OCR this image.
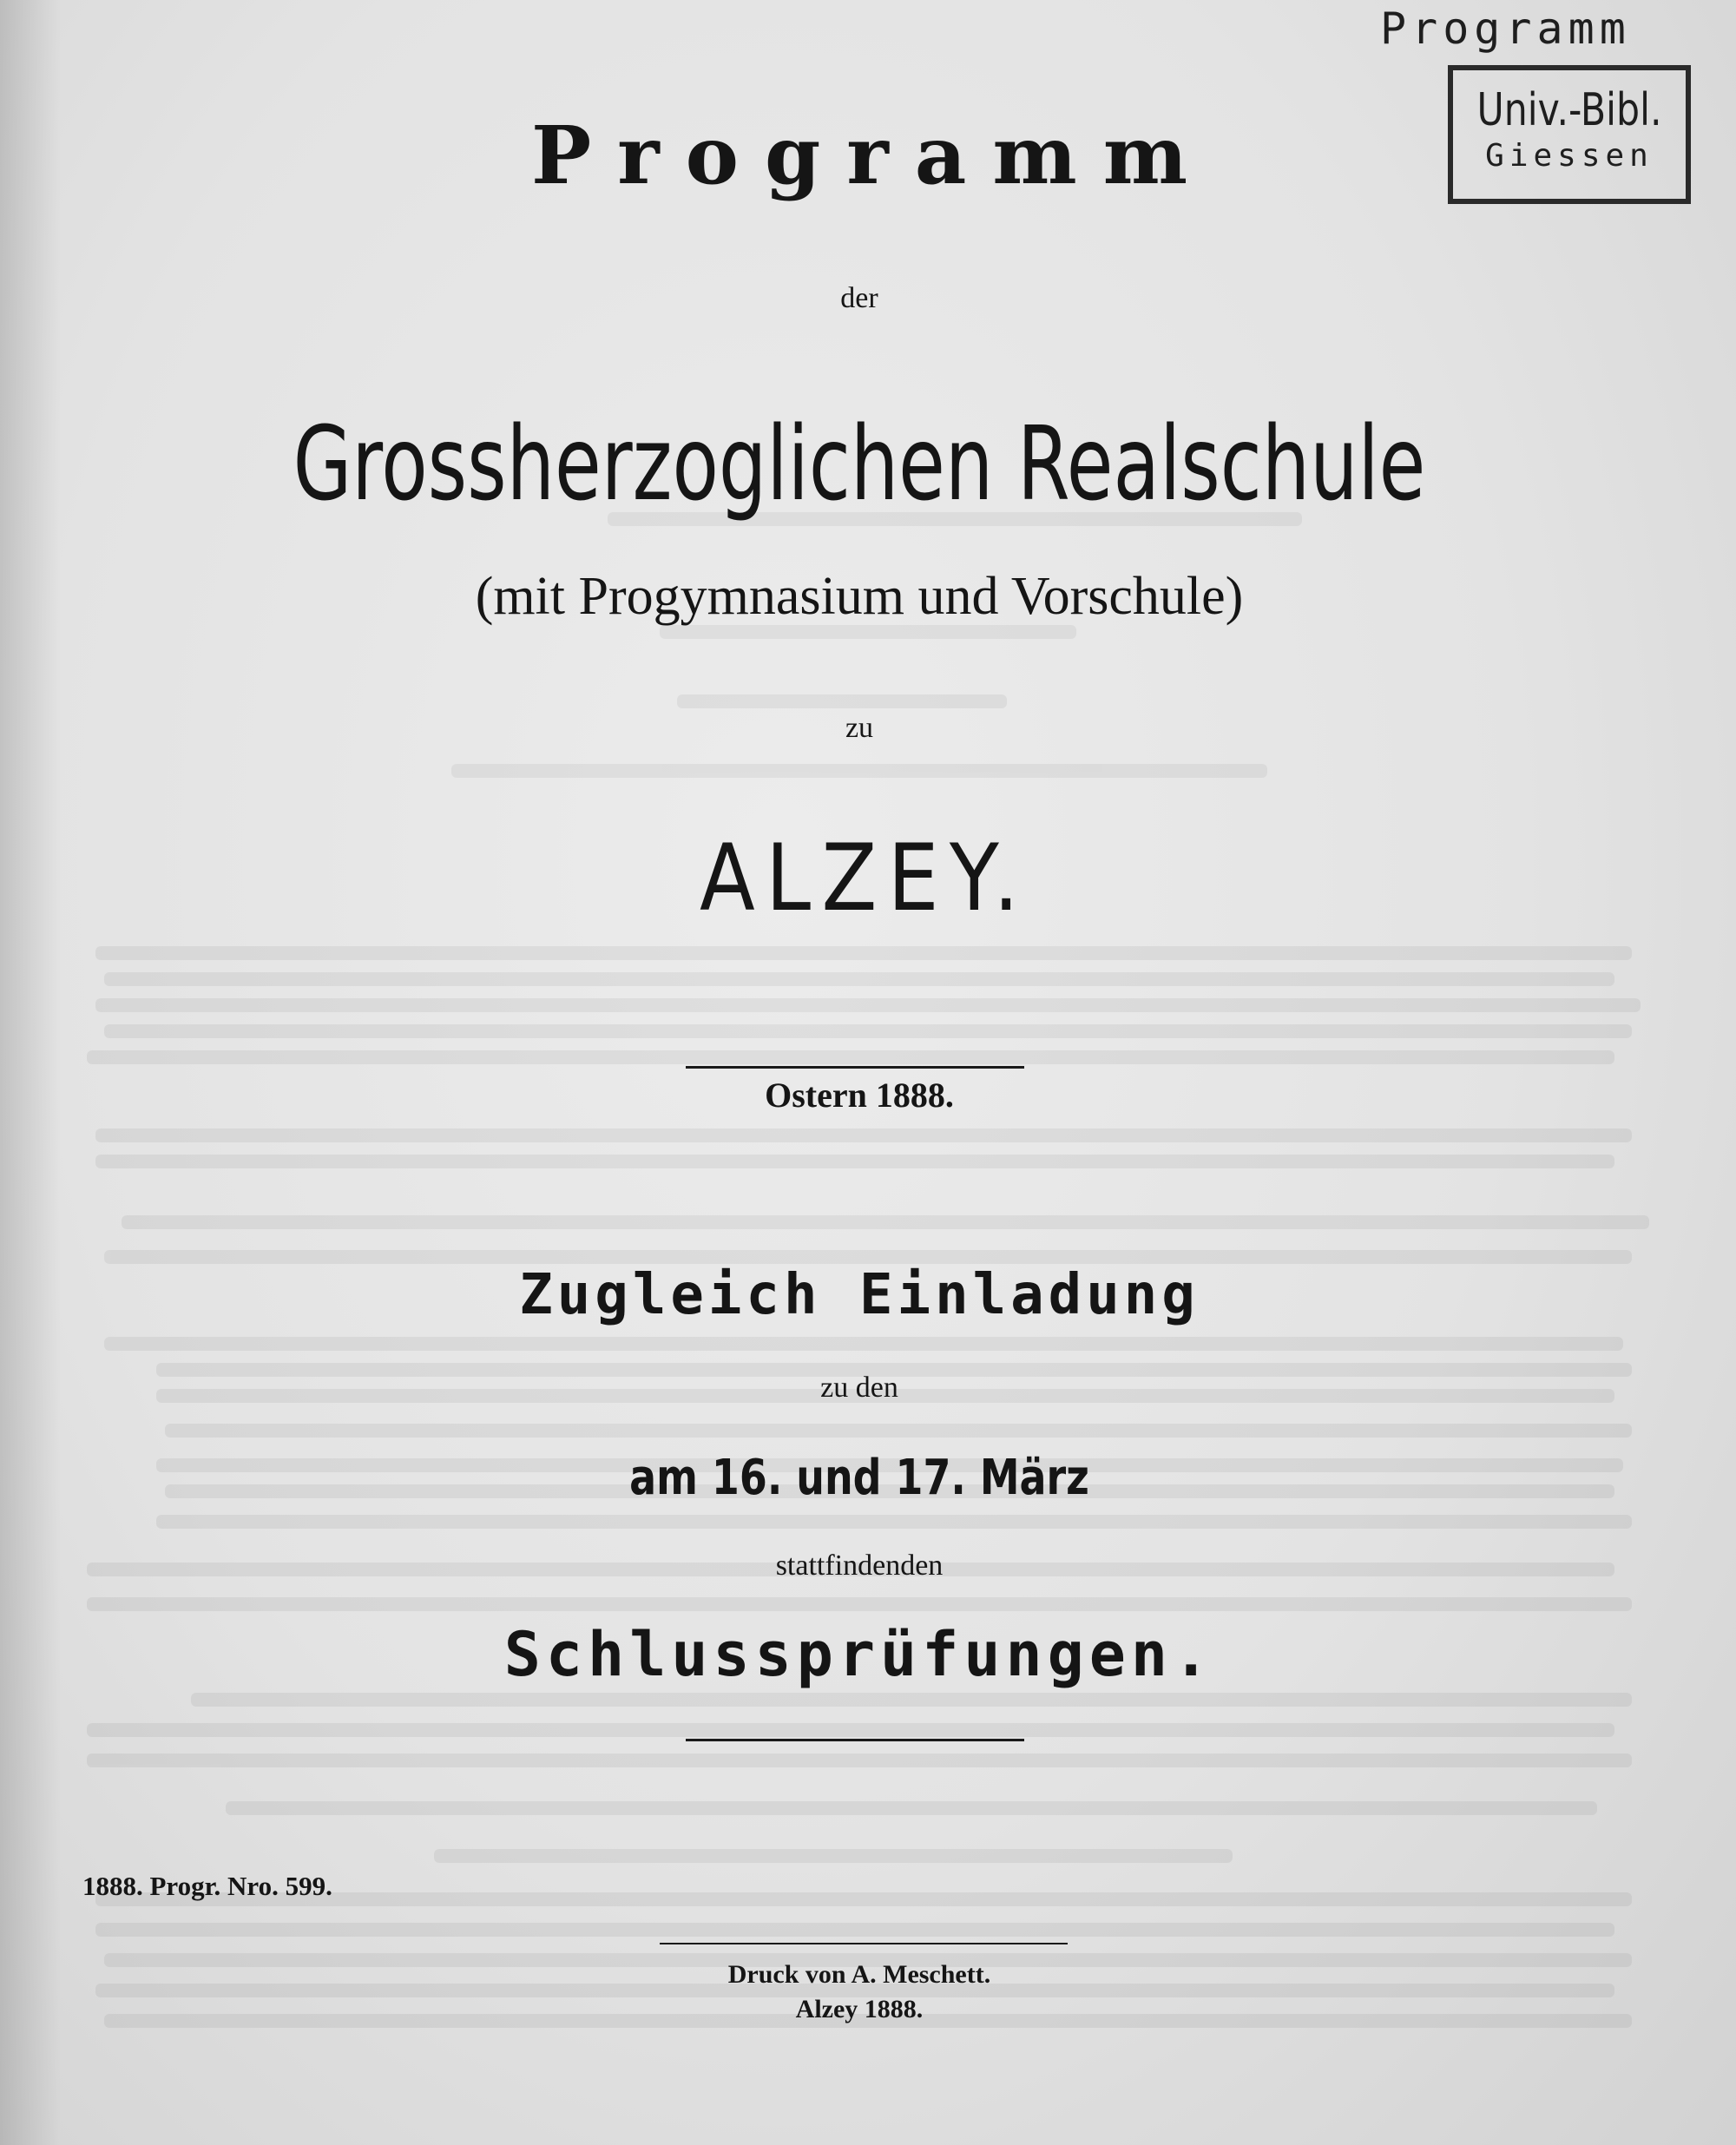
Programm
Univ.-Bibl.
Giessen
Programm
der
Grossherzoglichen Realschule
(mit Progymnasium und Vorschule)
zu
ALZEY.
Ostern 1888.
Zugleich Einladung
zu den
am 16. und 17. März
stattfindenden
Schlussprüfungen.
1888. Progr. Nro. 599.
Druck von A. Meschett.
Alzey 1888.
